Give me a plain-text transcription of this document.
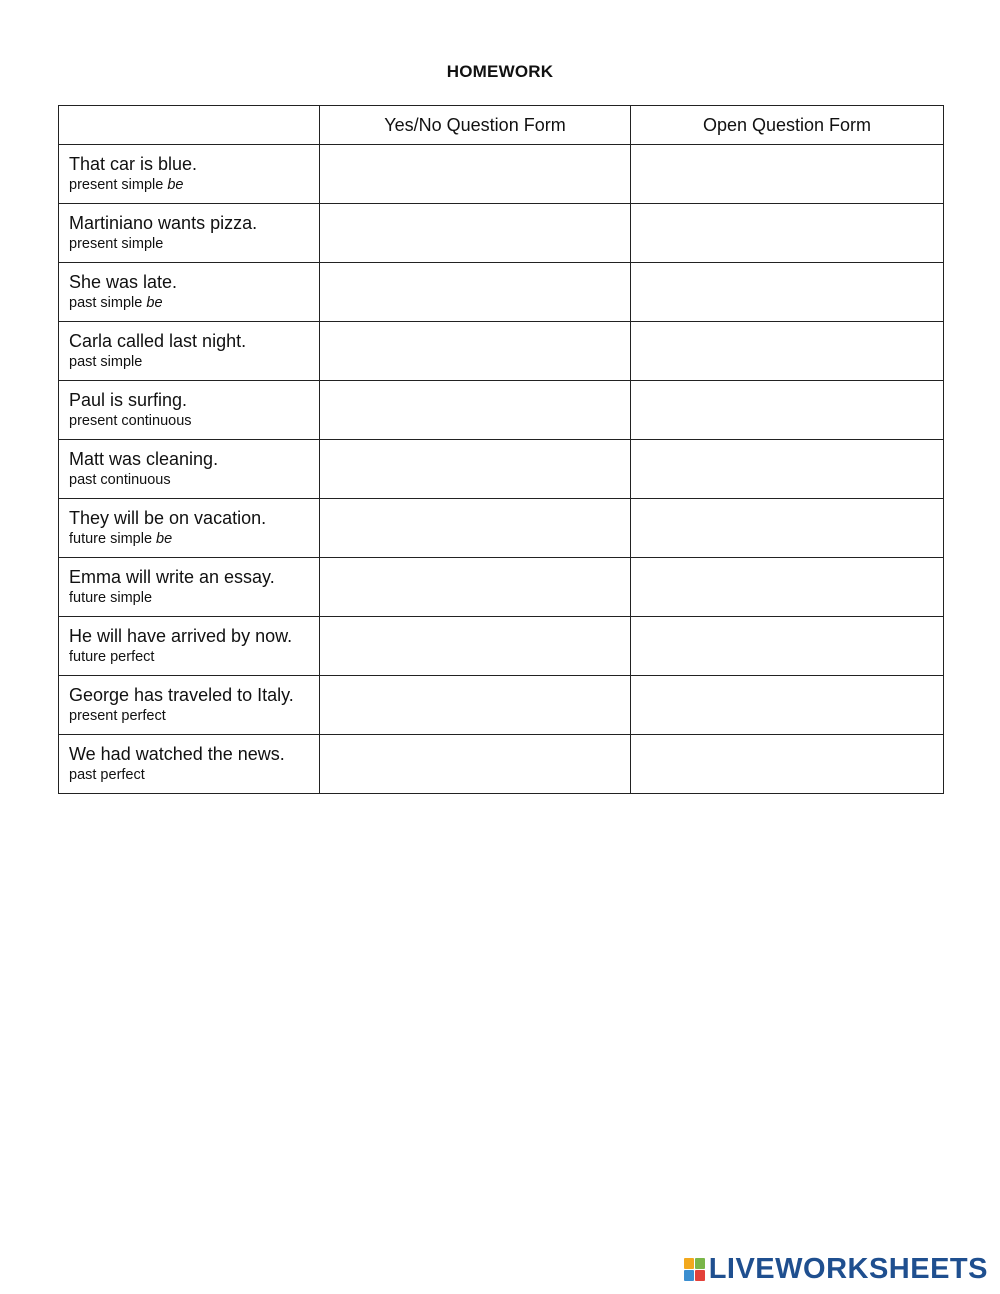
HOMEWORK
	Yes/No Question Form	Open Question Form

That car is blue.
present simple be		

Martiniano wants pizza.
present simple		

She was late.
past simple be		

Carla called last night.
past simple		

Paul is surfing.
present continuous		

Matt was cleaning.
past continuous		

They will be on vacation.
future simple be		

Emma will write an essay.
future simple		

He will have arrived by now.
future perfect		

George has traveled to Italy.
present perfect		

We had watched the news.
past perfect		

LIVEWORKSHEETS
